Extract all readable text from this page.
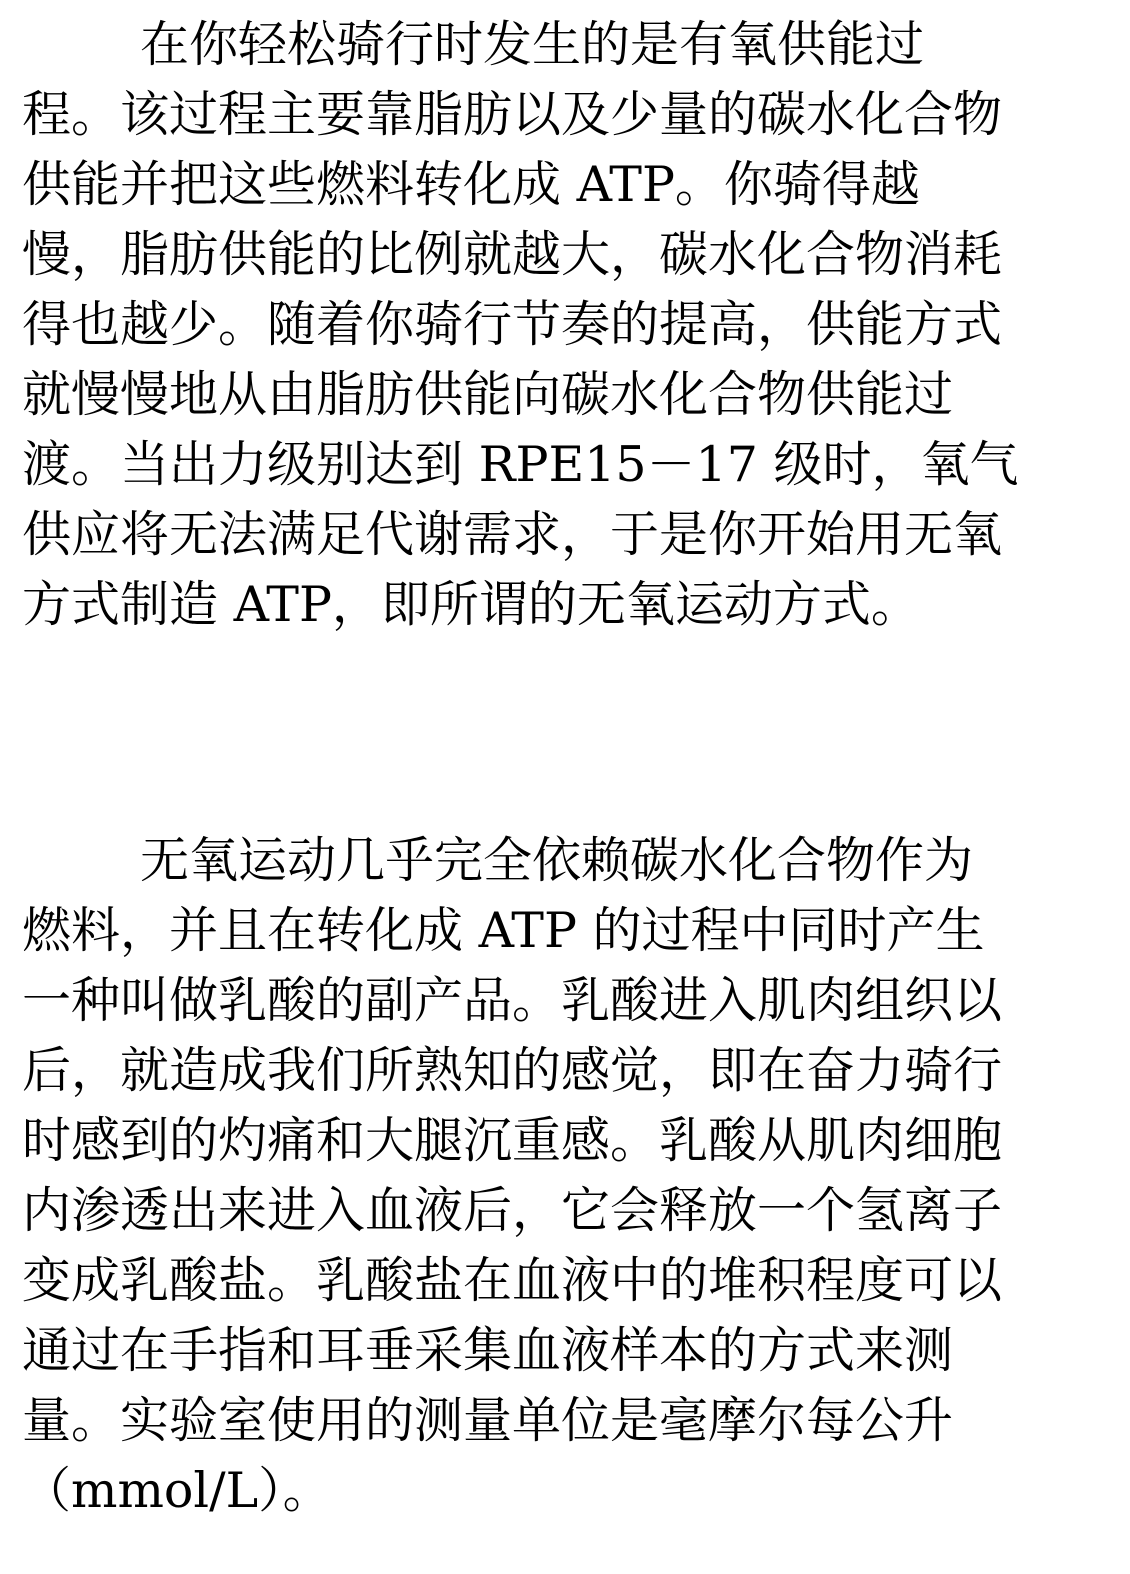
在你轻松骑行时发生的是有氧供能过
程。该过程主要靠脂肪以及少量的碳水化合物
供能并把这些燃料转化成 ATP。你骑得越
慢，脂肪供能的比例就越大，碳水化合物消耗
得也越少。随着你骑行节奏的提高，供能方式
就慢慢地从由脂肪供能向碳水化合物供能过
渡。当出力级别达到 RPE15－17 级时，氧气
供应将无法满足代谢需求，于是你开始用无氧
方式制造 ATP，即所谓的无氧运动方式。
无氧运动几乎完全依赖碳水化合物作为
燃料，并且在转化成 ATP 的过程中同时产生
一种叫做乳酸的副产品。乳酸进入肌肉组织以
后，就造成我们所熟知的感觉，即在奋力骑行
时感到的灼痛和大腿沉重感。乳酸从肌肉细胞
内渗透出来进入血液后，它会释放一个氢离子
变成乳酸盐。乳酸盐在血液中的堆积程度可以
通过在手指和耳垂采集血液样本的方式来测
量。实验室使用的测量单位是毫摩尔每公升
（mmol/L）。
